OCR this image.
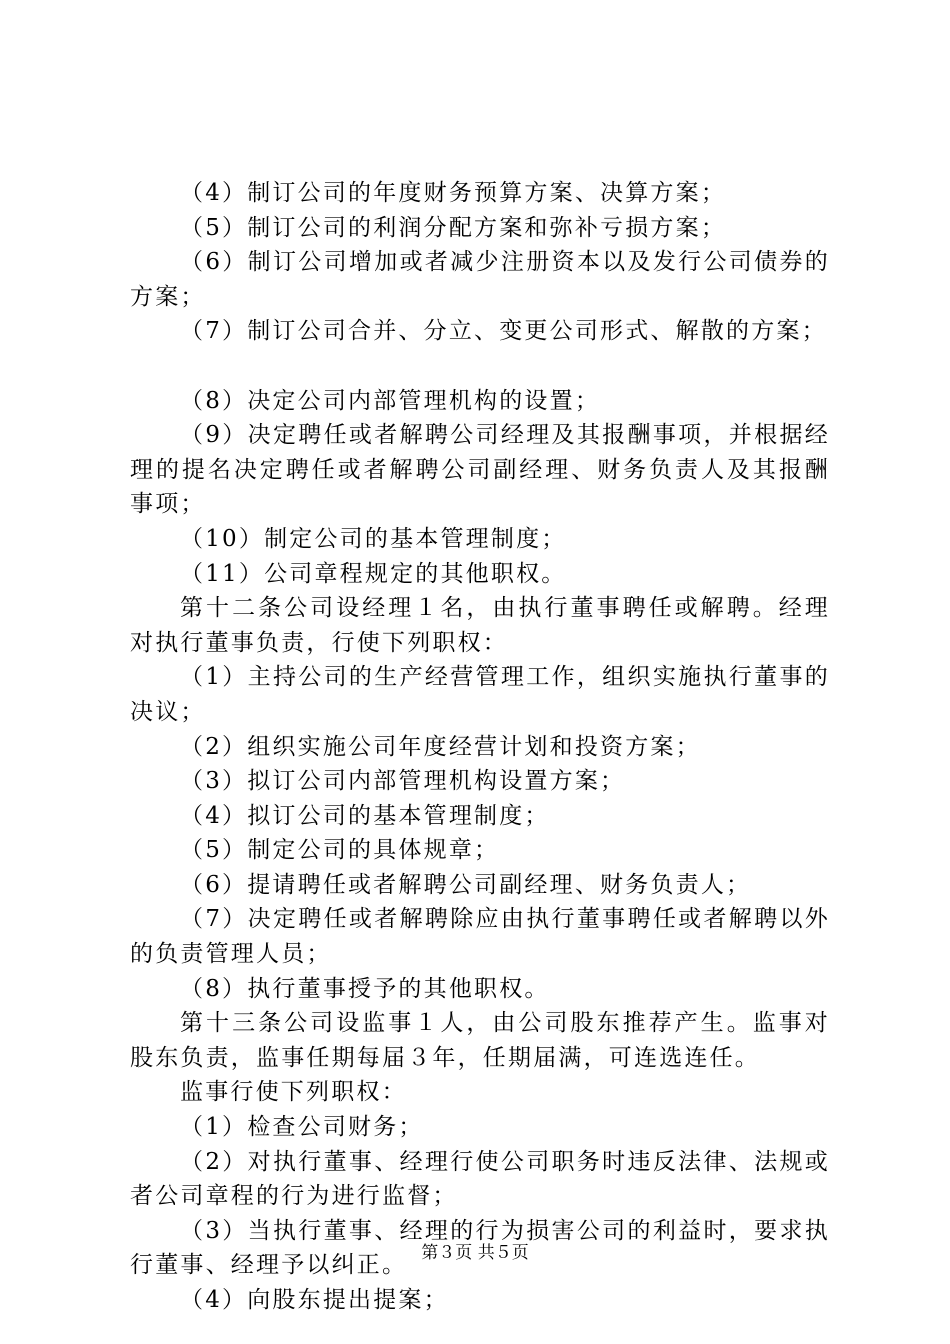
（4）制订公司的年度财务预算方案、决算方案；

（5）制订公司的利润分配方案和弥补亏损方案；

（6）制订公司增加或者减少注册资本以及发行公司债券的方案；

（7）制订公司合并、分立、变更公司形式、解散的方案；

（8）决定公司内部管理机构的设置；

（9）决定聘任或者解聘公司经理及其报酬事项，并根据经理的提名决定聘任或者解聘公司副经理、财务负责人及其报酬事项；

（10）制定公司的基本管理制度；

（11）公司章程规定的其他职权。

第十二条公司设经理１名，由执行董事聘任或解聘。经理对执行董事负责，行使下列职权：

（1）主持公司的生产经营管理工作，组织实施执行董事的决议；

（2）组织实施公司年度经营计划和投资方案；

（3）拟订公司内部管理机构设置方案；

（4）拟订公司的基本管理制度；

（5）制定公司的具体规章；

（6）提请聘任或者解聘公司副经理、财务负责人；

（7）决定聘任或者解聘除应由执行董事聘任或者解聘以外的负责管理人员；

（8）执行董事授予的其他职权。

第十三条公司设监事１人，由公司股东推荐产生。监事对股东负责，监事任期每届３年，任期届满，可连选连任。

监事行使下列职权：

（1）检查公司财务；

（2）对执行董事、经理行使公司职务时违反法律、法规或者公司章程的行为进行监督；

（3）当执行董事、经理的行为损害公司的利益时，要求执行董事、经理予以纠正。

（4）向股东提出提案；

第３页 共５页
